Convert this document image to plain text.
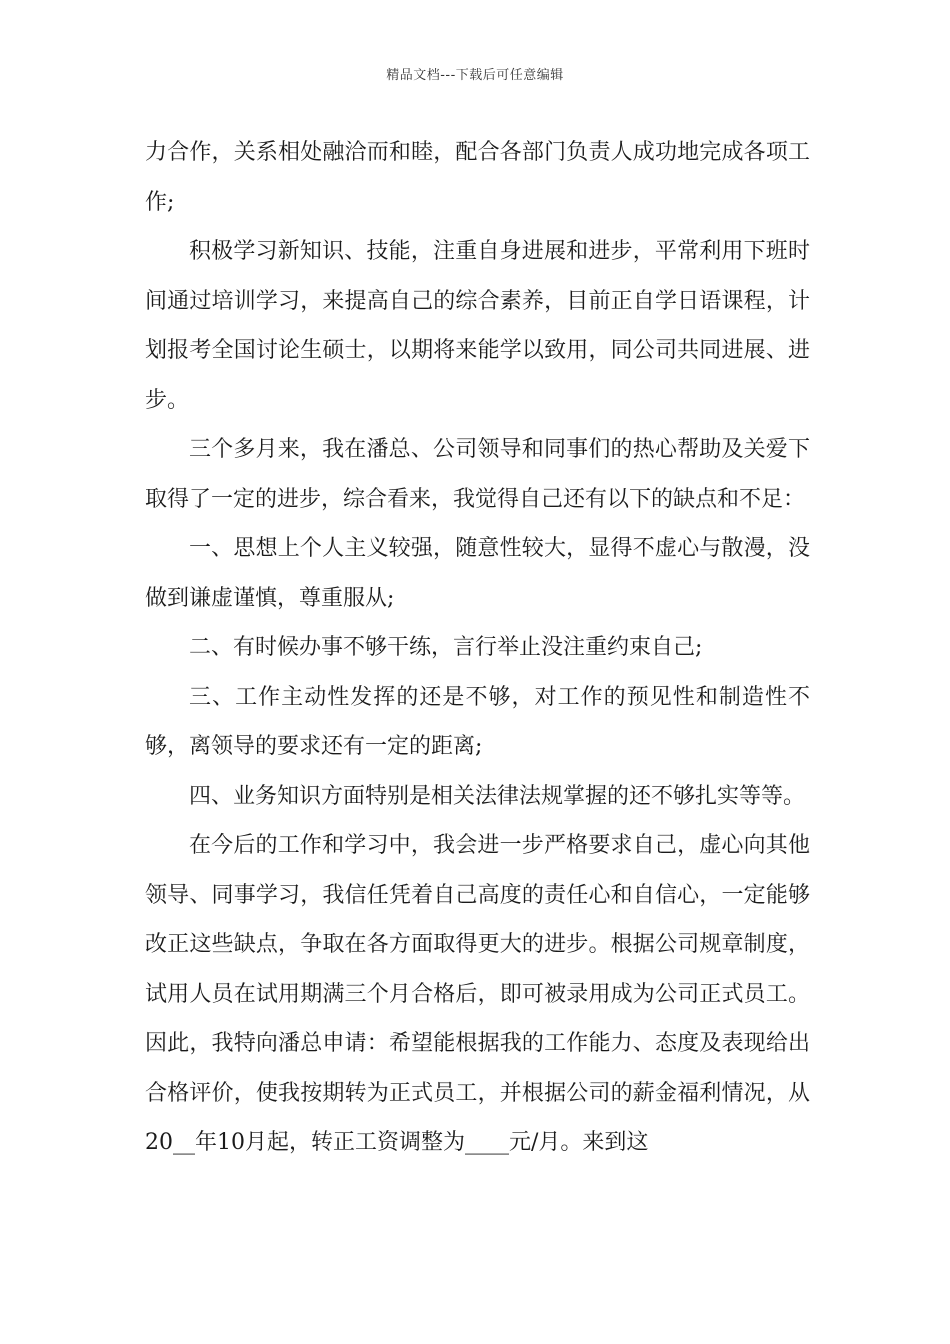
精品文档---下载后可任意编辑

力合作，关系相处融洽而和睦，配合各部门负责人成功地完成各项工作;

积极学习新知识、技能，注重自身进展和进步，平常利用下班时间通过培训学习，来提高自己的综合素养，目前正自学日语课程，计划报考全国讨论生硕士，以期将来能学以致用，同公司共同进展、进步。

三个多月来，我在潘总、公司领导和同事们的热心帮助及关爱下取得了一定的进步，综合看来，我觉得自己还有以下的缺点和不足：

一、思想上个人主义较强，随意性较大，显得不虚心与散漫，没做到谦虚谨慎，尊重服从;

二、有时候办事不够干练，言行举止没注重约束自己;

三、工作主动性发挥的还是不够，对工作的预见性和制造性不够，离领导的要求还有一定的距离;

四、业务知识方面特别是相关法律法规掌握的还不够扎实等等。

在今后的工作和学习中，我会进一步严格要求自己，虚心向其他领导、同事学习，我信任凭着自己高度的责任心和自信心，一定能够改正这些缺点，争取在各方面取得更大的进步。根据公司规章制度，试用人员在试用期满三个月合格后，即可被录用成为公司正式员工。因此，我特向潘总申请：希望能根据我的工作能力、态度及表现给出合格评价，使我按期转为正式员工，并根据公司的薪金福利情况，从20__年10月起，转正工资调整为____元/月。来到这
